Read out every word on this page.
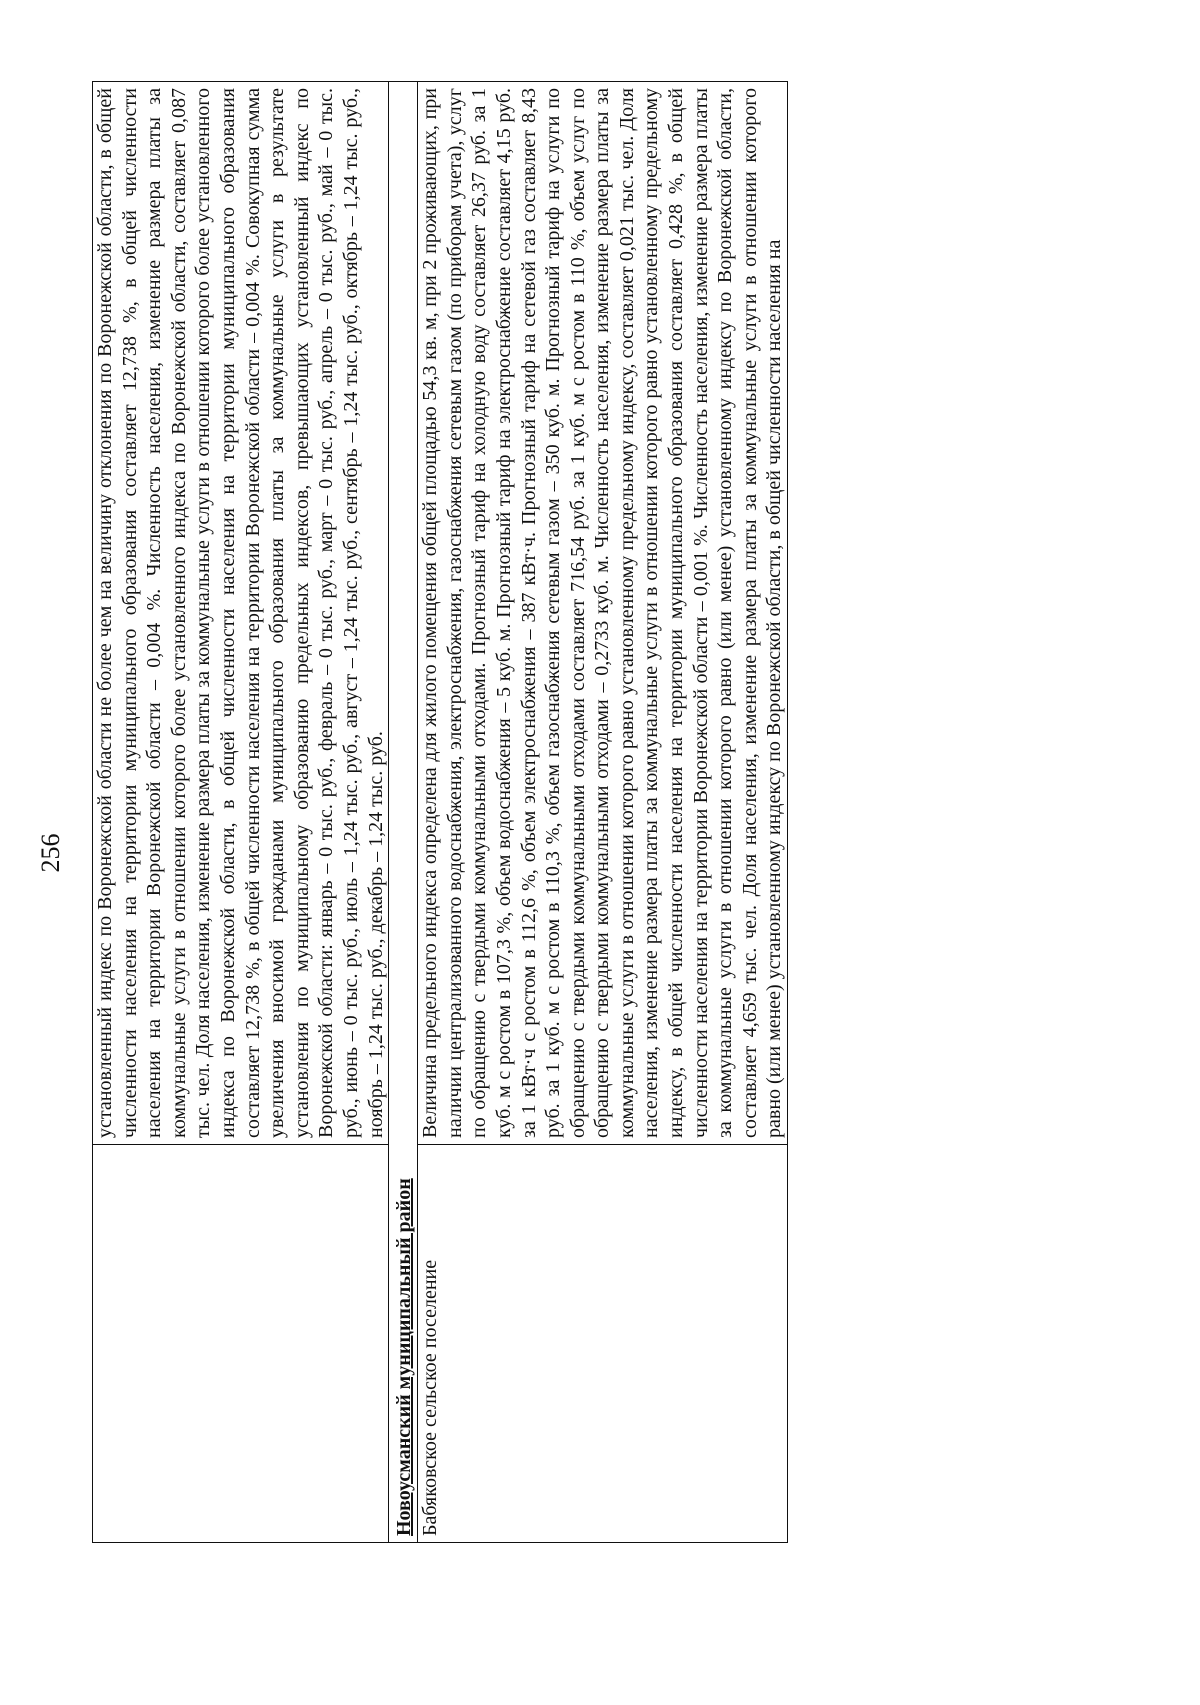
256

	установленный индекс по Воронежской области не более чем на величину отклонения по Воронежской области, в общей численности населения на территории муниципального образования составляет 12,738 %, в общей численности населения на территории Воронежской области – 0,004 %. Численность населения, изменение размера платы за коммунальные услуги в отношении которого более установленного индекса по Воронежской области, составляет 0,087 тыс. чел. Доля населения, изменение размера платы за коммунальные услуги в отношении которого более установленного индекса по Воронежской области, в общей численности населения на территории муниципального образования составляет 12,738 %, в общей численности населения на территории Воронежской области – 0,004 %. Совокупная сумма увеличения вносимой гражданами муниципального образования платы за коммунальные услуги в результате установления по муниципальному образованию предельных индексов, превышающих установленный индекс по Воронежской области: январь – 0 тыс. руб., февраль – 0 тыс. руб., март – 0 тыс. руб., апрель – 0 тыс. руб., май – 0 тыс. руб., июнь – 0 тыс. руб., июль – 1,24 тыс. руб., август – 1,24 тыс. руб., сентябрь – 1,24 тыс. руб., октябрь – 1,24 тыс. руб., ноябрь – 1,24 тыс. руб., декабрь – 1,24 тыс. руб.

Новоусманский муниципальный район	

Бабяковское сельское поселение	Величина предельного индекса определена для жилого помещения общей площадью 54,3 кв. м, при 2 проживающих, при наличии централизованного водоснабжения, электроснабжения, газоснабжения сетевым газом (по приборам учета), услуг по обращению с твердыми коммунальными отходами. Прогнозный тариф на холодную воду составляет 26,37 руб. за 1 куб. м с ростом в 107,3 %, объем водоснабжения – 5 куб. м. Прогнозный тариф на электроснабжение составляет 4,15 руб. за 1 кВт·ч с ростом в 112,6 %, объем электроснабжения – 387 кВт·ч. Прогнозный тариф на сетевой газ составляет 8,43 руб. за 1 куб. м с ростом в 110,3 %, объем газоснабжения сетевым газом – 350 куб. м. Прогнозный тариф на услуги по обращению с твердыми коммунальными отходами составляет 716,54 руб. за 1 куб. м с ростом в 110 %, объем услуг по обращению с твердыми коммунальными отходами – 0,2733 куб. м. Численность населения, изменение размера платы за коммунальные услуги в отношении которого равно установленному предельному индексу, составляет 0,021 тыс. чел. Доля населения, изменение размера платы за коммунальные услуги в отношении которого равно установленному предельному индексу, в общей численности населения на территории муниципального образования составляет 0,428 %, в общей численности населения на территории Воронежской области – 0,001 %. Численность населения, изменение размера платы за коммунальные услуги в отношении которого равно (или менее) установленному индексу по Воронежской области, составляет 4,659 тыс. чел. Доля населения, изменение размера платы за коммунальные услуги в отношении которого равно (или менее) установленному индексу по Воронежской области, в общей численности населения на
